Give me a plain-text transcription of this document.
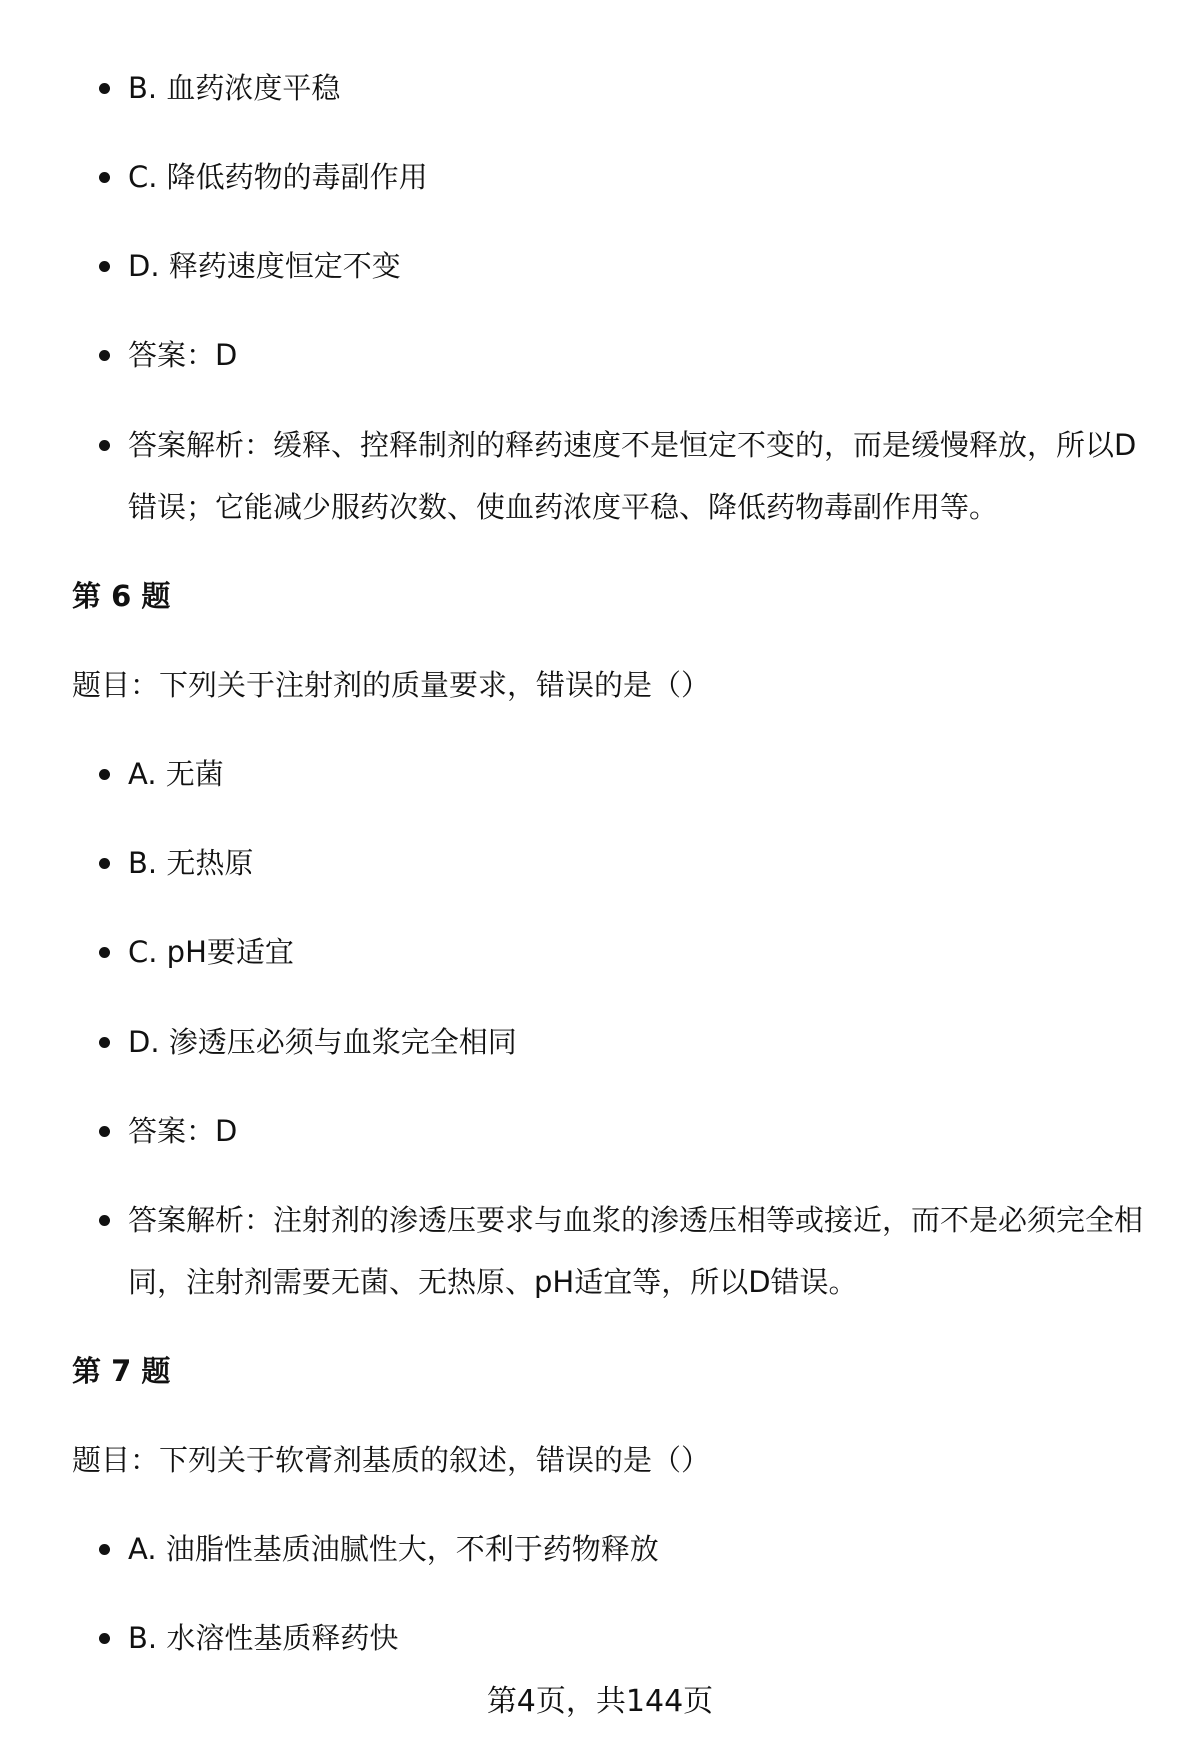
B. 血药浓度平稳
C. 降低药物的毒副作用
D. 释药速度恒定不变
答案：D
答案解析：缓释、控释制剂的释药速度不是恒定不变的，而是缓慢释放，所以D错误；它能减少服药次数、使血药浓度平稳、降低药物毒副作用等。
第 6 题
题目：下列关于注射剂的质量要求，错误的是（）
A. 无菌
B. 无热原
C. pH要适宜
D. 渗透压必须与血浆完全相同
答案：D
答案解析：注射剂的渗透压要求与血浆的渗透压相等或接近，而不是必须完全相同，注射剂需要无菌、无热原、pH适宜等，所以D错误。
第 7 题
题目：下列关于软膏剂基质的叙述，错误的是（）
A. 油脂性基质油腻性大，不利于药物释放
B. 水溶性基质释药快
第4页，共144页
